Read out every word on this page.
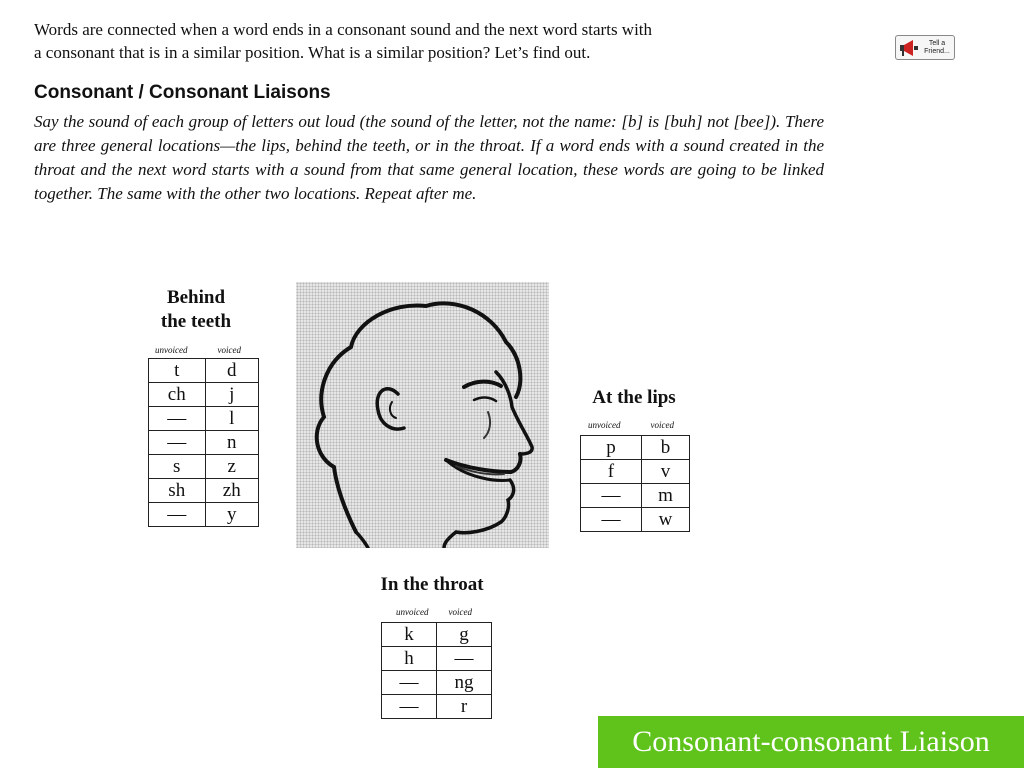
Words are connected when a word ends in a consonant sound and the next word starts with
a consonant that is in a similar position. What is a similar position? Let’s find out.	Tell a
Friend...
Consonant / Consonant Liaisons
Say the sound of each group of letters out loud (the sound of the letter, not the name: [b] is [buh] not [bee]). There are three general locations—the lips, behind the teeth, or in the throat. If a word ends with a sound created in the throat and the next word starts with a sound from that same general location, these words are going to be linked together. The same with the other two locations. Repeat after me.
Behind
the teeth
unvoiced	voiced
t	d
ch	j
—	l
—	n
s	z
sh	zh
—	y
At the lips
unvoiced	voiced
p	b
f	v
—	m
—	w
In the throat
unvoiced voiced
k	g
h	—
—	ng
—	r
Consonant-consonant Liaison
